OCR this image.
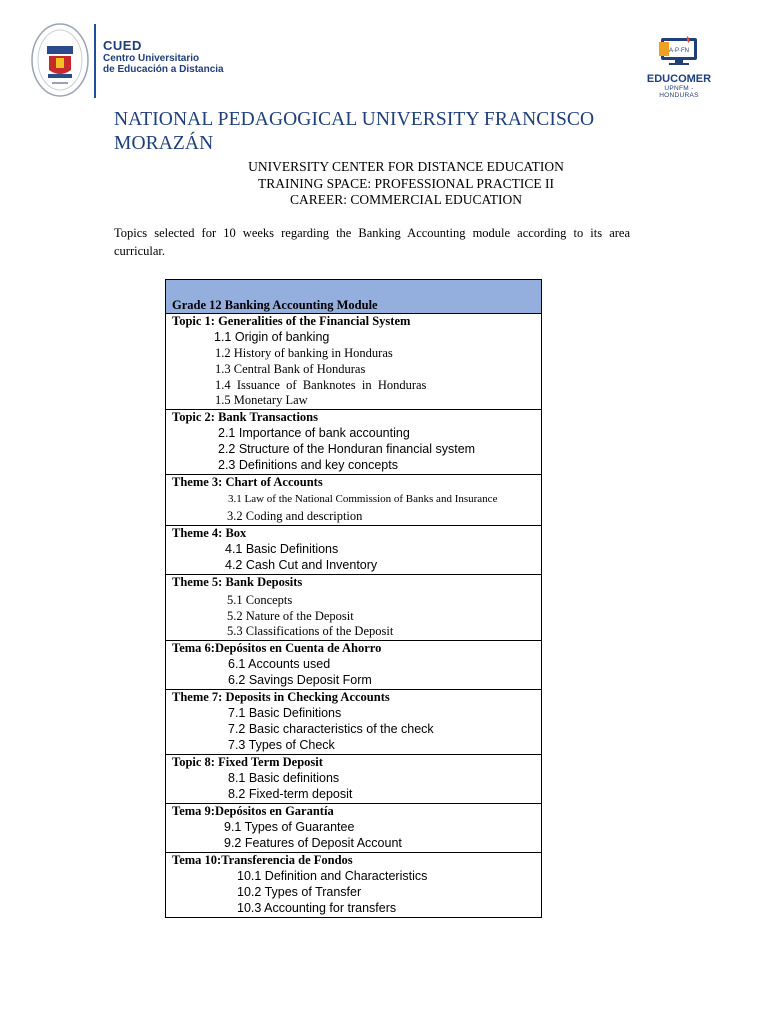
CUED
Centro Universitario
de Educación a Distancia
A·P·FN
EDUCOMER
UPNFM - HONDURAS
NATIONAL PEDAGOGICAL UNIVERSITY FRANCISCO
MORAZÁN
UNIVERSITY CENTER FOR DISTANCE EDUCATION
TRAINING SPACE: PROFESSIONAL PRACTICE II
CAREER: COMMERCIAL EDUCATION
Topics selected for 10 weeks regarding the Banking Accounting module according to its area curricular.
Grade 12 Banking Accounting Module
Topic 1: Generalities of the Financial System
1.1 Origin of banking
1.2 History of banking in Honduras
1.3 Central Bank of Honduras
1.4  Issuance  of  Banknotes  in  Honduras
1.5 Monetary Law
Topic 2: Bank Transactions
2.1 Importance of bank accounting
2.2 Structure of the Honduran financial system
2.3 Definitions and key concepts
Theme 3: Chart of Accounts
3.1 Law of the National Commission of Banks and Insurance
3.2 Coding and description
Theme 4: Box
4.1 Basic Definitions
4.2 Cash Cut and Inventory
Theme 5: Bank Deposits
5.1 Concepts
5.2 Nature of the Deposit
5.3 Classifications of the Deposit
Tema 6:Depósitos en Cuenta de Ahorro
6.1 Accounts used
6.2 Savings Deposit Form
Theme 7: Deposits in Checking Accounts
7.1 Basic Definitions
7.2 Basic characteristics of the check
7.3 Types of Check
Topic 8: Fixed Term Deposit
8.1 Basic definitions
8.2 Fixed-term deposit
Tema 9:Depósitos en Garantía
9.1 Types of Guarantee
9.2 Features of Deposit Account
Tema 10:Transferencia de Fondos
10.1 Definition and Characteristics
10.2 Types of Transfer
10.3 Accounting for transfers
